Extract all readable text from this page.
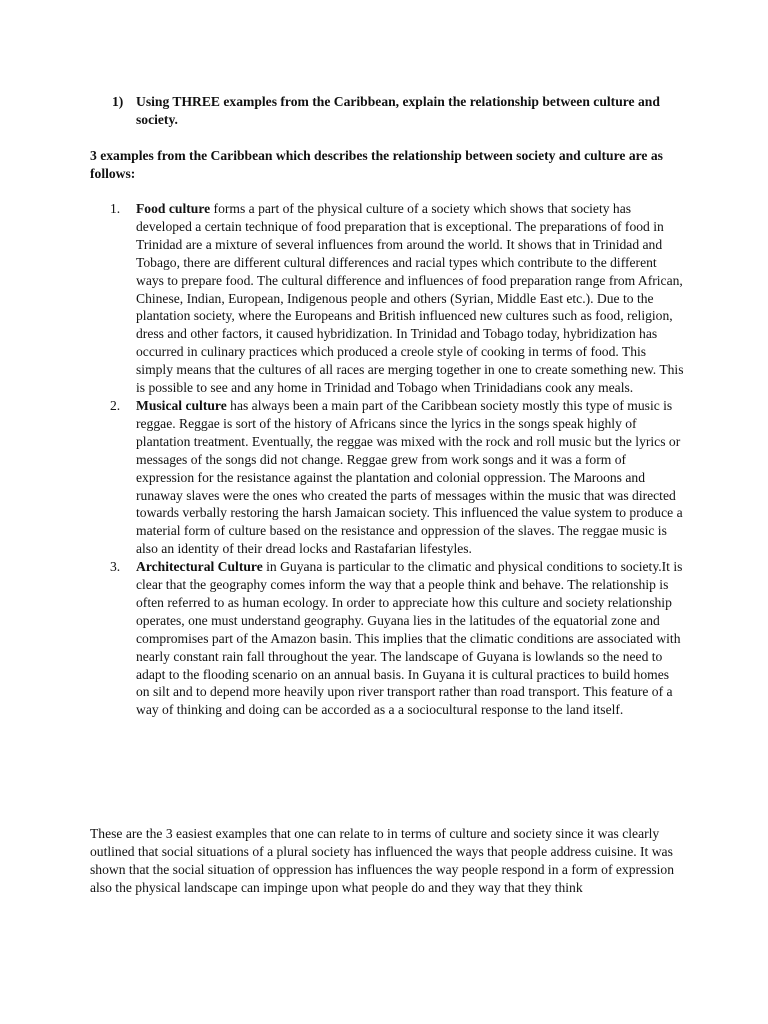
1) Using THREE examples from the Caribbean, explain the relationship between culture and society.
3 examples from the Caribbean which describes the relationship between society and culture are as follows:
1. Food culture forms a part of the physical culture of a society which shows that society has developed a certain technique of food preparation that is exceptional. The preparations of food in Trinidad are a mixture of several influences from around the world. It shows that in Trinidad and Tobago, there are different cultural differences and racial types which contribute to the different ways to prepare food. The cultural difference and influences of food preparation range from African, Chinese, Indian, European, Indigenous people and others (Syrian, Middle East etc.). Due to the plantation society, where the Europeans and British influenced new cultures such as food, religion, dress and other factors, it caused hybridization. In Trinidad and Tobago today, hybridization has occurred in culinary practices which produced a creole style of cooking in terms of food. This simply means that the cultures of all races are merging together in one to create something new. This is possible to see and any home in Trinidad and Tobago when Trinidadians cook any meals.
2. Musical culture has always been a main part of the Caribbean society mostly this type of music is reggae. Reggae is sort of the history of Africans since the lyrics in the songs speak highly of plantation treatment. Eventually, the reggae was mixed with the rock and roll music but the lyrics or messages of the songs did not change. Reggae grew from work songs and it was a form of expression for the resistance against the plantation and colonial oppression. The Maroons and runaway slaves were the ones who created the parts of messages within the music that was directed towards verbally restoring the harsh Jamaican society. This influenced the value system to produce a material form of culture based on the resistance and oppression of the slaves. The reggae music is also an identity of their dread locks and Rastafarian lifestyles.
3. Architectural Culture in Guyana is particular to the climatic and physical conditions to society.It is clear that the geography comes inform the way that a people think and behave. The relationship is often referred to as human ecology. In order to appreciate how this culture and society relationship operates, one must understand geography. Guyana lies in the latitudes of the equatorial zone and compromises part of the Amazon basin. This implies that the climatic conditions are associated with nearly constant rain fall throughout the year. The landscape of Guyana is lowlands so the need to adapt to the flooding scenario on an annual basis. In Guyana it is cultural practices to build homes on silt and to depend more heavily upon river transport rather than road transport. This feature of a way of thinking and doing can be accorded as a a sociocultural response to the land itself.
These are the 3 easiest examples that one can relate to in terms of culture and society since it was clearly outlined that social situations of a plural society has influenced the ways that people address cuisine. It was shown that the social situation of oppression has influences the way people respond in a form of expression also the physical landscape can impinge upon what people do and they way that they think
